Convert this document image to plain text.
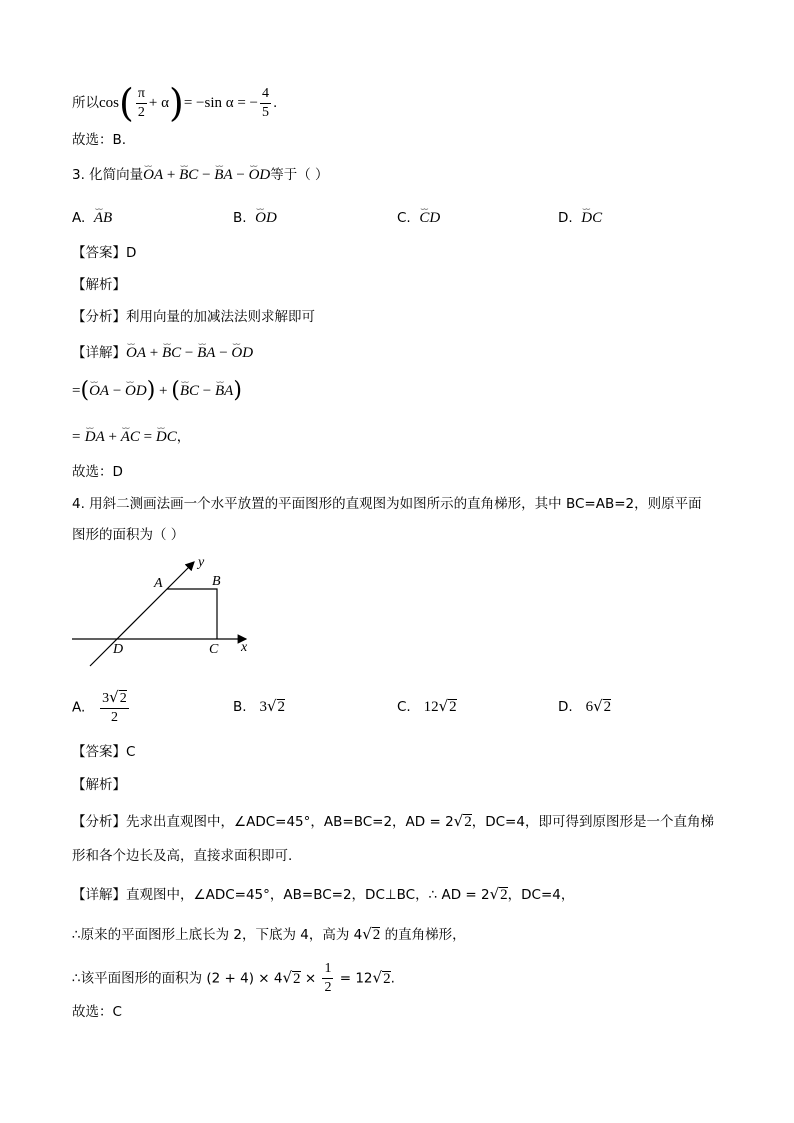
所以$\cos( \frac{\pi}{2} + \alpha)= -\sin$ α = − $\frac{4}{5}$ .
故选：B.
3. 化简向量⌣⌣ OA + ⌣⌣ BC − ⌣⌣ BA − ⌣⌣ OD等于（ ）
A. ⌣⌣ AB	B. ⌣⌣ OD	C. ⌣⌣ CD	D. ⌣⌣ DC
【答案】D
【解析】
【分析】利用向量的加减法法则求解即可
【详解】⌣⌣ OA + ⌣⌣ BC − ⌣⌣ BA − ⌣⌣ OD
=(⌣⌣ OA − ⌣⌣ OD) + (⌣⌣ BC − ⌣⌣ BA)
= ⌣⌣ DA + ⌣⌣ AC = ⌣⌣ DC，
故选：D
4. 用斜二测画法画一个水平放置的平面图形的直观图为如图所示的直角梯形，其中 BC=AB=2，则原平面
图形的面积为（ ）
y
x
A	B
C
D
A. $\frac{3√2}{2}$	B. 3√2	C. 12√2	D. 6√2
【答案】C
【解析】
【分析】先求出直观图中，∠ADC=45°，AB=BC=2，AD = 2√2，DC=4，即可得到原图形是一个直角梯
形和各个边长及高，直接求面积即可.
【详解】直观图中，∠ADC=45°，AB=BC=2，DC⊥BC，∴ AD = 2√2，DC=4，
∴原来的平面图形上底长为 2，下底为 4，高为 4√2 的直角梯形，
∴该平面图形的面积为 $(2 + 4) \times 4√2 \times \frac{1}{2} = 12√2$.
故选：C
